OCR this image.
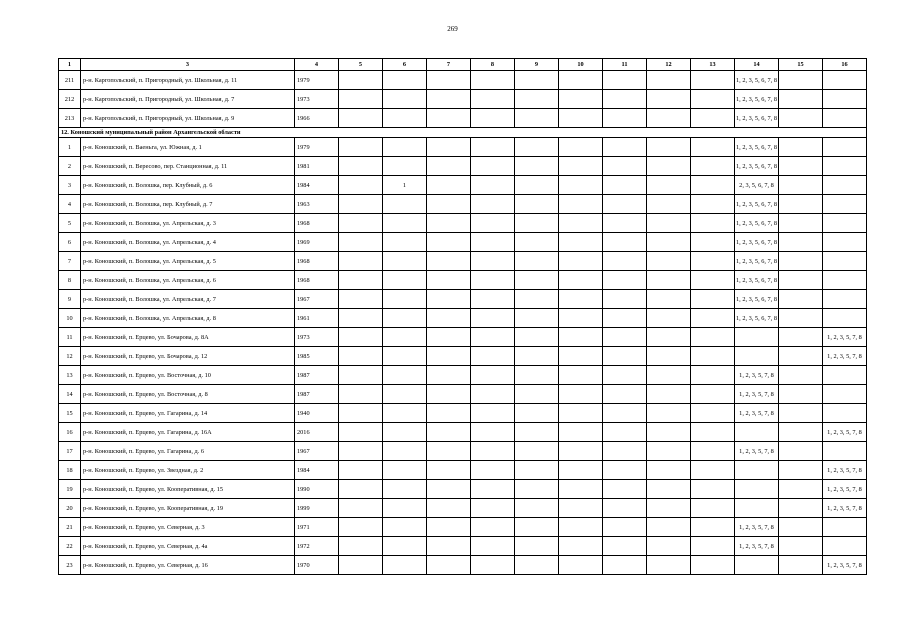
269
1	3	4	5	6	7	8	9	10	11	12	13	14	15	16
211	р-н. Каргопольский, п. Пригородный, ул. Школьная, д. 11	1979										1, 2, 3, 5, 6, 7, 8		
212	р-н. Каргопольский, п. Пригородный, ул. Школьная, д. 7	1973										1, 2, 3, 5, 6, 7, 8		
213	р-н. Каргопольский, п. Пригородный, ул. Школьная, д. 9	1966										1, 2, 3, 5, 6, 7, 8		
12. Коношский муниципальный район Архангельской области														
1	р-н. Коношский, п. Ваеньга, ул. Южная, д. 1	1979										1, 2, 3, 5, 6, 7, 8		
2	р-н. Коношский, п. Вересово, пер. Станционная, д. 11	1981										1, 2, 3, 5, 6, 7, 8		
3	р-н. Коношский, п. Волошка, пер. Клубный, д. 6	1984		1								2, 3, 5, 6, 7, 8		
4	р-н. Коношский, п. Волошка, пер. Клубный, д. 7	1963										1, 2, 3, 5, 6, 7, 8		
5	р-н. Коношский, п. Волошка, ул. Апрельская, д. 3	1968										1, 2, 3, 5, 6, 7, 8		
6	р-н. Коношский, п. Волошка, ул. Апрельская, д. 4	1969										1, 2, 3, 5, 6, 7, 8		
7	р-н. Коношский, п. Волошка, ул. Апрельская, д. 5	1968										1, 2, 3, 5, 6, 7, 8		
8	р-н. Коношский, п. Волошка, ул. Апрельская, д. 6	1968										1, 2, 3, 5, 6, 7, 8		
9	р-н. Коношский, п. Волошка, ул. Апрельская, д. 7	1967										1, 2, 3, 5, 6, 7, 8		
10	р-н. Коношский, п. Волошка, ул. Апрельская, д. 8	1961										1, 2, 3, 5, 6, 7, 8		
11	р-н. Коношский, п. Ерцево, ул. Бочарова, д. 8А	1973												1, 2, 3, 5, 7, 8
12	р-н. Коношский, п. Ерцево, ул. Бочарова, д. 12	1985												1, 2, 3, 5, 7, 8
13	р-н. Коношский, п. Ерцево, ул. Восточная, д. 10	1987										1, 2, 3, 5, 7, 8		
14	р-н. Коношский, п. Ерцево, ул. Восточная, д. 8	1987										1, 2, 3, 5, 7, 8		
15	р-н. Коношский, п. Ерцево, ул. Гагарина, д. 14	1940										1, 2, 3, 5, 7, 8		
16	р-н. Коношский, п. Ерцево, ул. Гагарина, д. 16А	2016												1, 2, 3, 5, 7, 8
17	р-н. Коношский, п. Ерцево, ул. Гагарина, д. 6	1967										1, 2, 3, 5, 7, 8		
18	р-н. Коношский, п. Ерцево, ул. Звездная, д. 2	1984												1, 2, 3, 5, 7, 8
19	р-н. Коношский, п. Ерцево, ул. Кооперативная, д. 15	1990												1, 2, 3, 5, 7, 8
20	р-н. Коношский, п. Ерцево, ул. Кооперативная, д. 19	1999												1, 2, 3, 5, 7, 8
21	р-н. Коношский, п. Ерцево, ул. Северная, д. 3	1971										1, 2, 3, 5, 7, 8		
22	р-н. Коношский, п. Ерцево, ул. Северная, д. 4а	1972										1, 2, 3, 5, 7, 8		
23	р-н. Коношский, п. Ерцево, ул. Северная, д. 16	1970												1, 2, 3, 5, 7, 8
